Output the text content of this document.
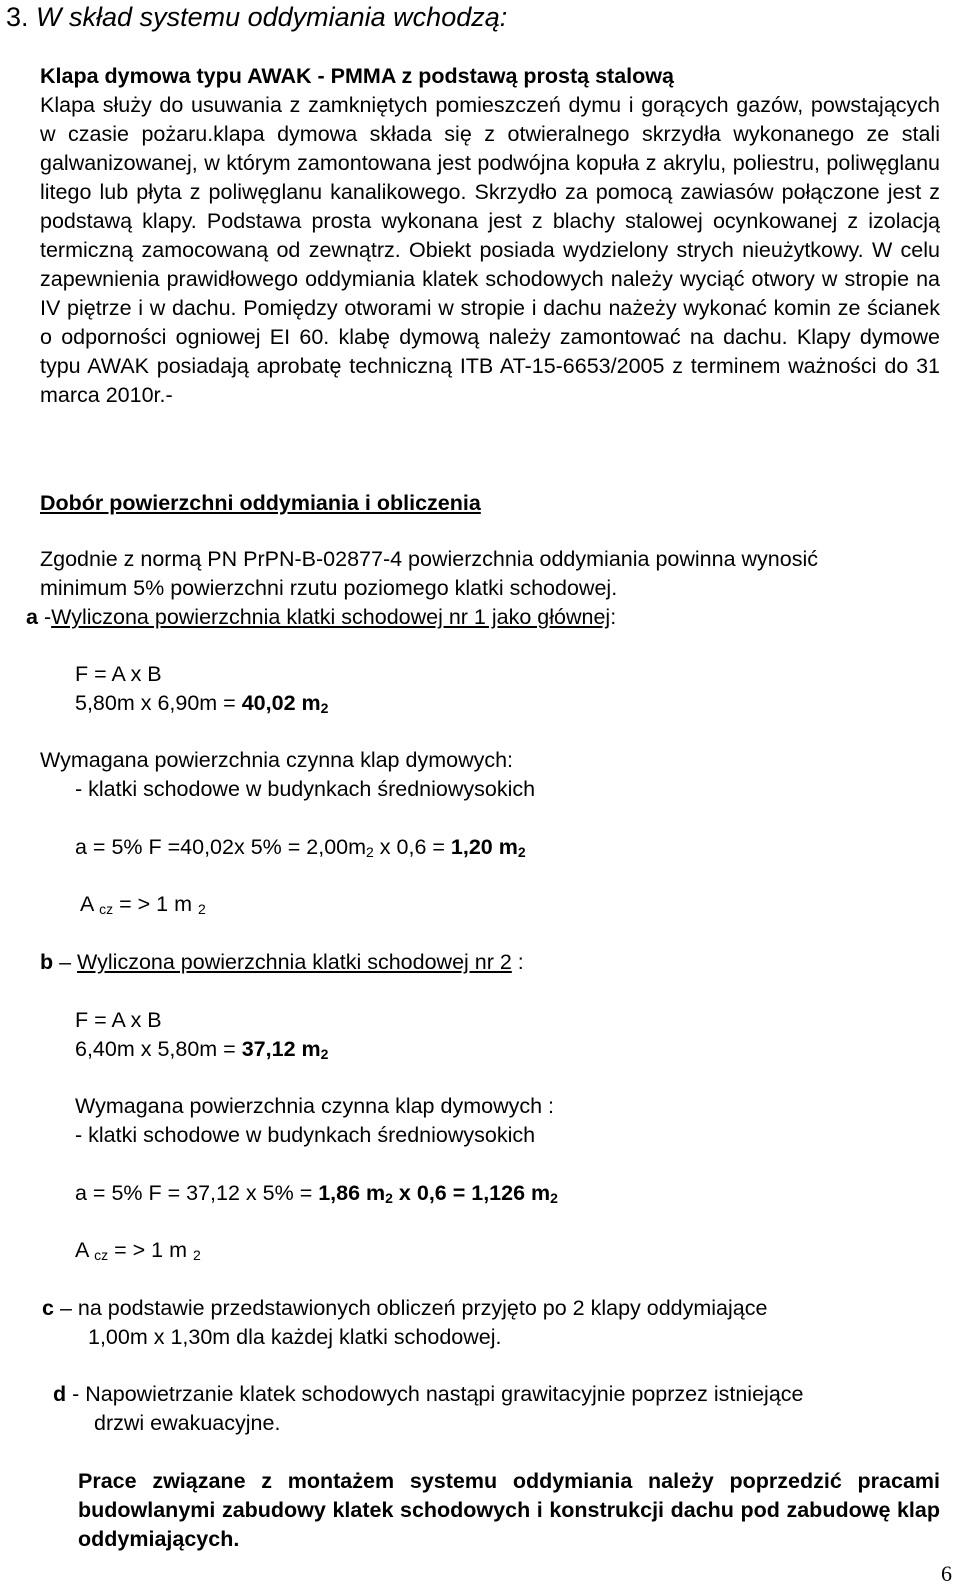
3. W skład systemu oddymiania wchodzą:
Klapa dymowa typu AWAK - PMMA z podstawą prostą stalową
Klapa służy do usuwania z zamkniętych pomieszczeń dymu i gorących gazów, powstających w czasie pożaru.klapa dymowa składa się z otwieralnego skrzydła wykonanego ze stali galwanizowanej, w którym zamontowana jest podwójna kopuła z akrylu, poliestru, poliwęglanu litego lub płyta z poliwęglanu kanalikowego. Skrzydło za pomocą zawiasów połączone jest z podstawą klapy. Podstawa prosta wykonana jest z blachy stalowej ocynkowanej z izolacją termiczną zamocowaną od zewnątrz. Obiekt posiada wydzielony strych nieużytkowy. W celu zapewnienia prawidłowego oddymiania klatek schodowych należy wyciąć otwory w stropie na IV piętrze i w dachu. Pomiędzy otworami w stropie i dachu nażeży wykonać komin ze ścianek o odporności ogniowej EI 60. klabę dymową należy zamontować na dachu. Klapy dymowe typu AWAK posiadają aprobatę techniczną ITB AT-15-6653/2005 z terminem ważności do 31 marca 2010r.-
Dobór powierzchni oddymiania i obliczenia
Zgodnie z normą PN PrPN-B-02877-4 powierzchnia oddymiania powinna wynosić
minimum 5% powierzchni rzutu poziomego klatki schodowej.
a -Wyliczona powierzchnia klatki schodowej nr 1 jako głównej:
F = A x B
5,80m x 6,90m = 40,02 m2
Wymagana powierzchnia czynna klap dymowych:
- klatki schodowe w budynkach średniowysokich
a = 5% F =40,02x 5% = 2,00m2 x 0,6 = 1,20 m2
A cz = > 1 m 2
b – Wyliczona powierzchnia klatki schodowej nr 2 :
F = A x B
6,40m x 5,80m = 37,12 m2
Wymagana powierzchnia czynna klap dymowych :
- klatki schodowe w budynkach średniowysokich
a = 5% F = 37,12 x 5% = 1,86 m2 x 0,6 = 1,126 m2
A cz = > 1 m 2
c – na podstawie przedstawionych obliczeń przyjęto po 2 klapy oddymiające
1,00m x 1,30m dla każdej klatki schodowej.
d - Napowietrzanie klatek schodowych nastąpi grawitacyjnie poprzez istniejące
drzwi ewakuacyjne.
Prace związane z montażem systemu oddymiania należy poprzedzić pracami budowlanymi zabudowy klatek schodowych i konstrukcji dachu pod zabudowę klap oddymiających.
6
